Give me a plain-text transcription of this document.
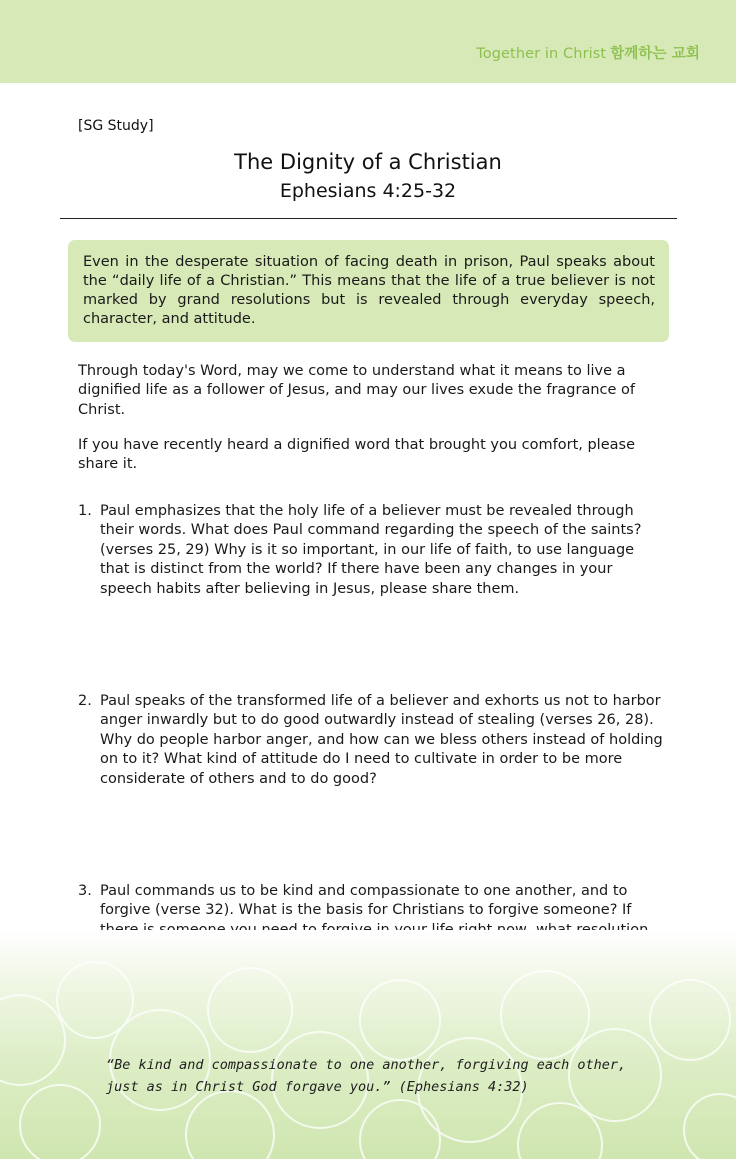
Together in Christ 함께하는 교회
[SG Study]
The Dignity of a Christian
Ephesians 4:25-32
Even in the desperate situation of facing death in prison, Paul speaks about the “daily life of a Christian.” This means that the life of a true believer is not marked by grand resolutions but is revealed through everyday speech, character, and attitude.
Through today's Word, may we come to understand what it means to live a dignified life as a follower of Jesus, and may our lives exude the fragrance of Christ.
If you have recently heard a dignified word that brought you comfort, please share it.
1. Paul emphasizes that the holy life of a believer must be revealed through their words. What does Paul command regarding the speech of the saints? (verses 25, 29) Why is it so important, in our life of faith, to use language that is distinct from the world? If there have been any changes in your speech habits after believing in Jesus, please share them.
2. Paul speaks of the transformed life of a believer and exhorts us not to harbor anger inwardly but to do good outwardly instead of stealing (verses 26, 28). Why do people harbor anger, and how can we bless others instead of holding on to it? What kind of attitude do I need to cultivate in order to be more considerate of others and to do good?
3. Paul commands us to be kind and compassionate to one another, and to forgive (verse 32). What is the basis for Christians to forgive someone? If
“Be kind and compassionate to one another, forgiving each other, just as in Christ God forgave you.” (Ephesians 4:32)
